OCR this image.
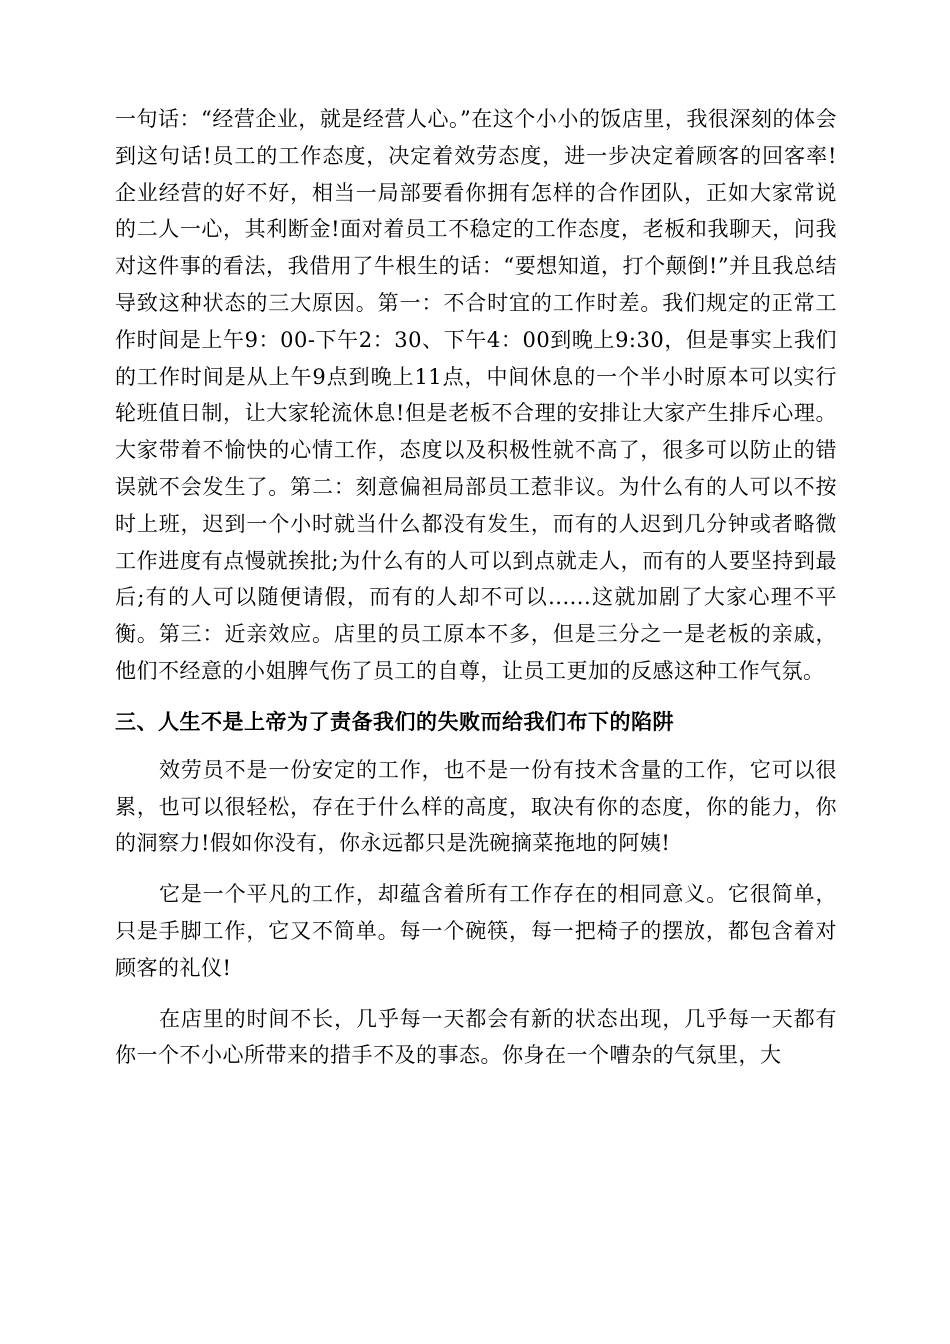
一句话：“经营企业，就是经营人心。”在这个小小的饭店里，我很深刻的体会到这句话!员工的工作态度，决定着效劳态度，进一步决定着顾客的回客率!企业经营的好不好，相当一局部要看你拥有怎样的合作团队，正如大家常说的二人一心，其利断金!面对着员工不稳定的工作态度，老板和我聊天，问我对这件事的看法，我借用了牛根生的话：“要想知道，打个颠倒!”并且我总结导致这种状态的三大原因。第一：不合时宜的工作时差。我们规定的正常工作时间是上午9：00-下午2：30、下午4：00到晚上9:30，但是事实上我们的工作时间是从上午9点到晚上11点，中间休息的一个半小时原本可以实行轮班值日制，让大家轮流休息!但是老板不合理的安排让大家产生排斥心理。大家带着不愉快的心情工作，态度以及积极性就不高了，很多可以防止的错误就不会发生了。第二：刻意偏袒局部员工惹非议。为什么有的人可以不按时上班，迟到一个小时就当什么都没有发生，而有的人迟到几分钟或者略微工作进度有点慢就挨批;为什么有的人可以到点就走人，而有的人要坚持到最后;有的人可以随便请假，而有的人却不可以......这就加剧了大家心理不平衡。第三：近亲效应。店里的员工原本不多，但是三分之一是老板的亲戚，他们不经意的小姐脾气伤了员工的自尊，让员工更加的反感这种工作气氛。

三、人生不是上帝为了责备我们的失败而给我们布下的陷阱

效劳员不是一份安定的工作，也不是一份有技术含量的工作，它可以很累，也可以很轻松，存在于什么样的高度，取决有你的态度，你的能力，你的洞察力!假如你没有，你永远都只是洗碗摘菜拖地的阿姨!

它是一个平凡的工作，却蕴含着所有工作存在的相同意义。它很简单，只是手脚工作，它又不简单。每一个碗筷，每一把椅子的摆放，都包含着对顾客的礼仪!

在店里的时间不长，几乎每一天都会有新的状态出现，几乎每一天都有你一个不小心所带来的措手不及的事态。你身在一个嘈杂的气氛里，大
